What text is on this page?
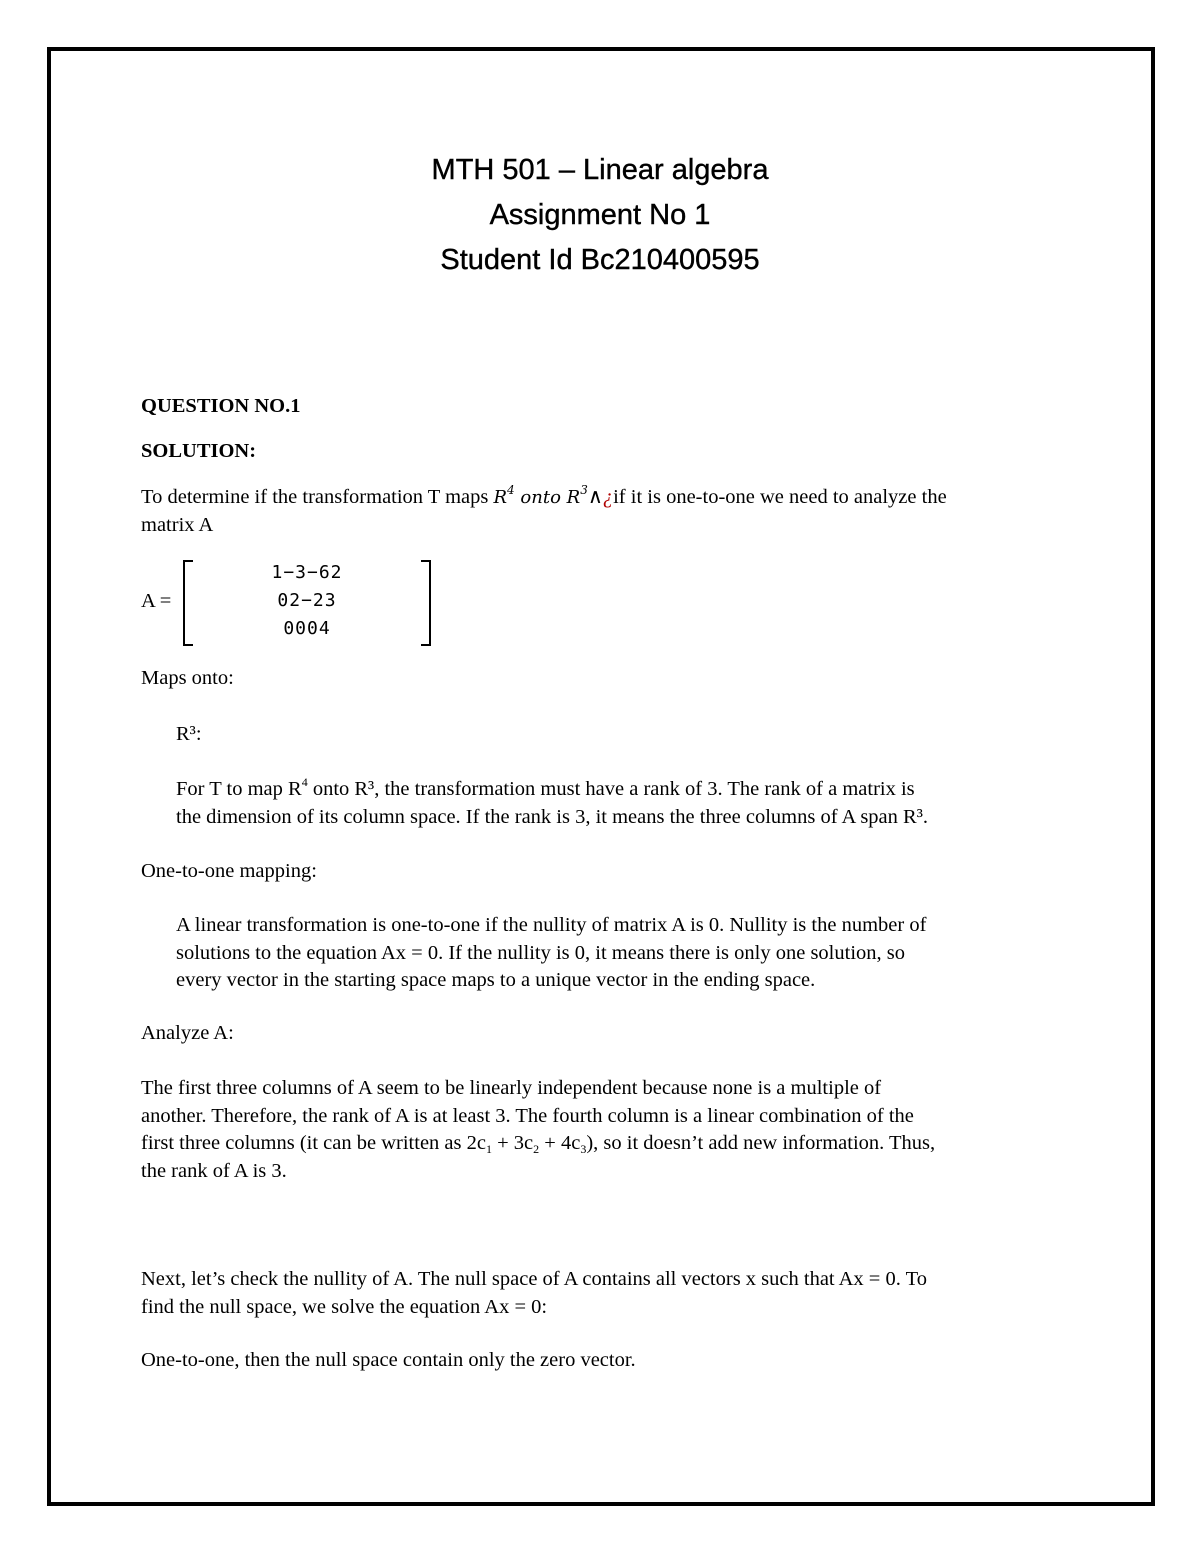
MTH 501 – Linear algebra
Assignment No 1
Student Id Bc210400595
QUESTION NO.1
SOLUTION:
To determine if the transformation T maps $R^4$ onto $R^3\wedge¿if$ it is one-to-one we need to analyze the
matrix A
A =
1−3−62
02−23
0004
Maps onto:
R³:
For T to map $R^4$ onto R³, the transformation must have a rank of 3. The rank of a matrix is
the dimension of its column space. If the rank is 3, it means the three columns of A span R³.
One-to-one mapping:
A linear transformation is one-to-one if the nullity of matrix A is 0. Nullity is the number of
solutions to the equation Ax = 0. If the nullity is 0, it means there is only one solution, so
every vector in the starting space maps to a unique vector in the ending space.
Analyze A:
The first three columns of A seem to be linearly independent because none is a multiple of
another. Therefore, the rank of A is at least 3. The fourth column is a linear combination of the
first three columns (it can be written as $2c_1 + 3c_2 + 4c_3$), so it doesn’t add new information. Thus,
the rank of A is 3.
Next, let’s check the nullity of A. The null space of A contains all vectors x such that Ax = 0. To
find the null space, we solve the equation Ax = 0:
One-to-one, then the null space contain only the zero vector.
